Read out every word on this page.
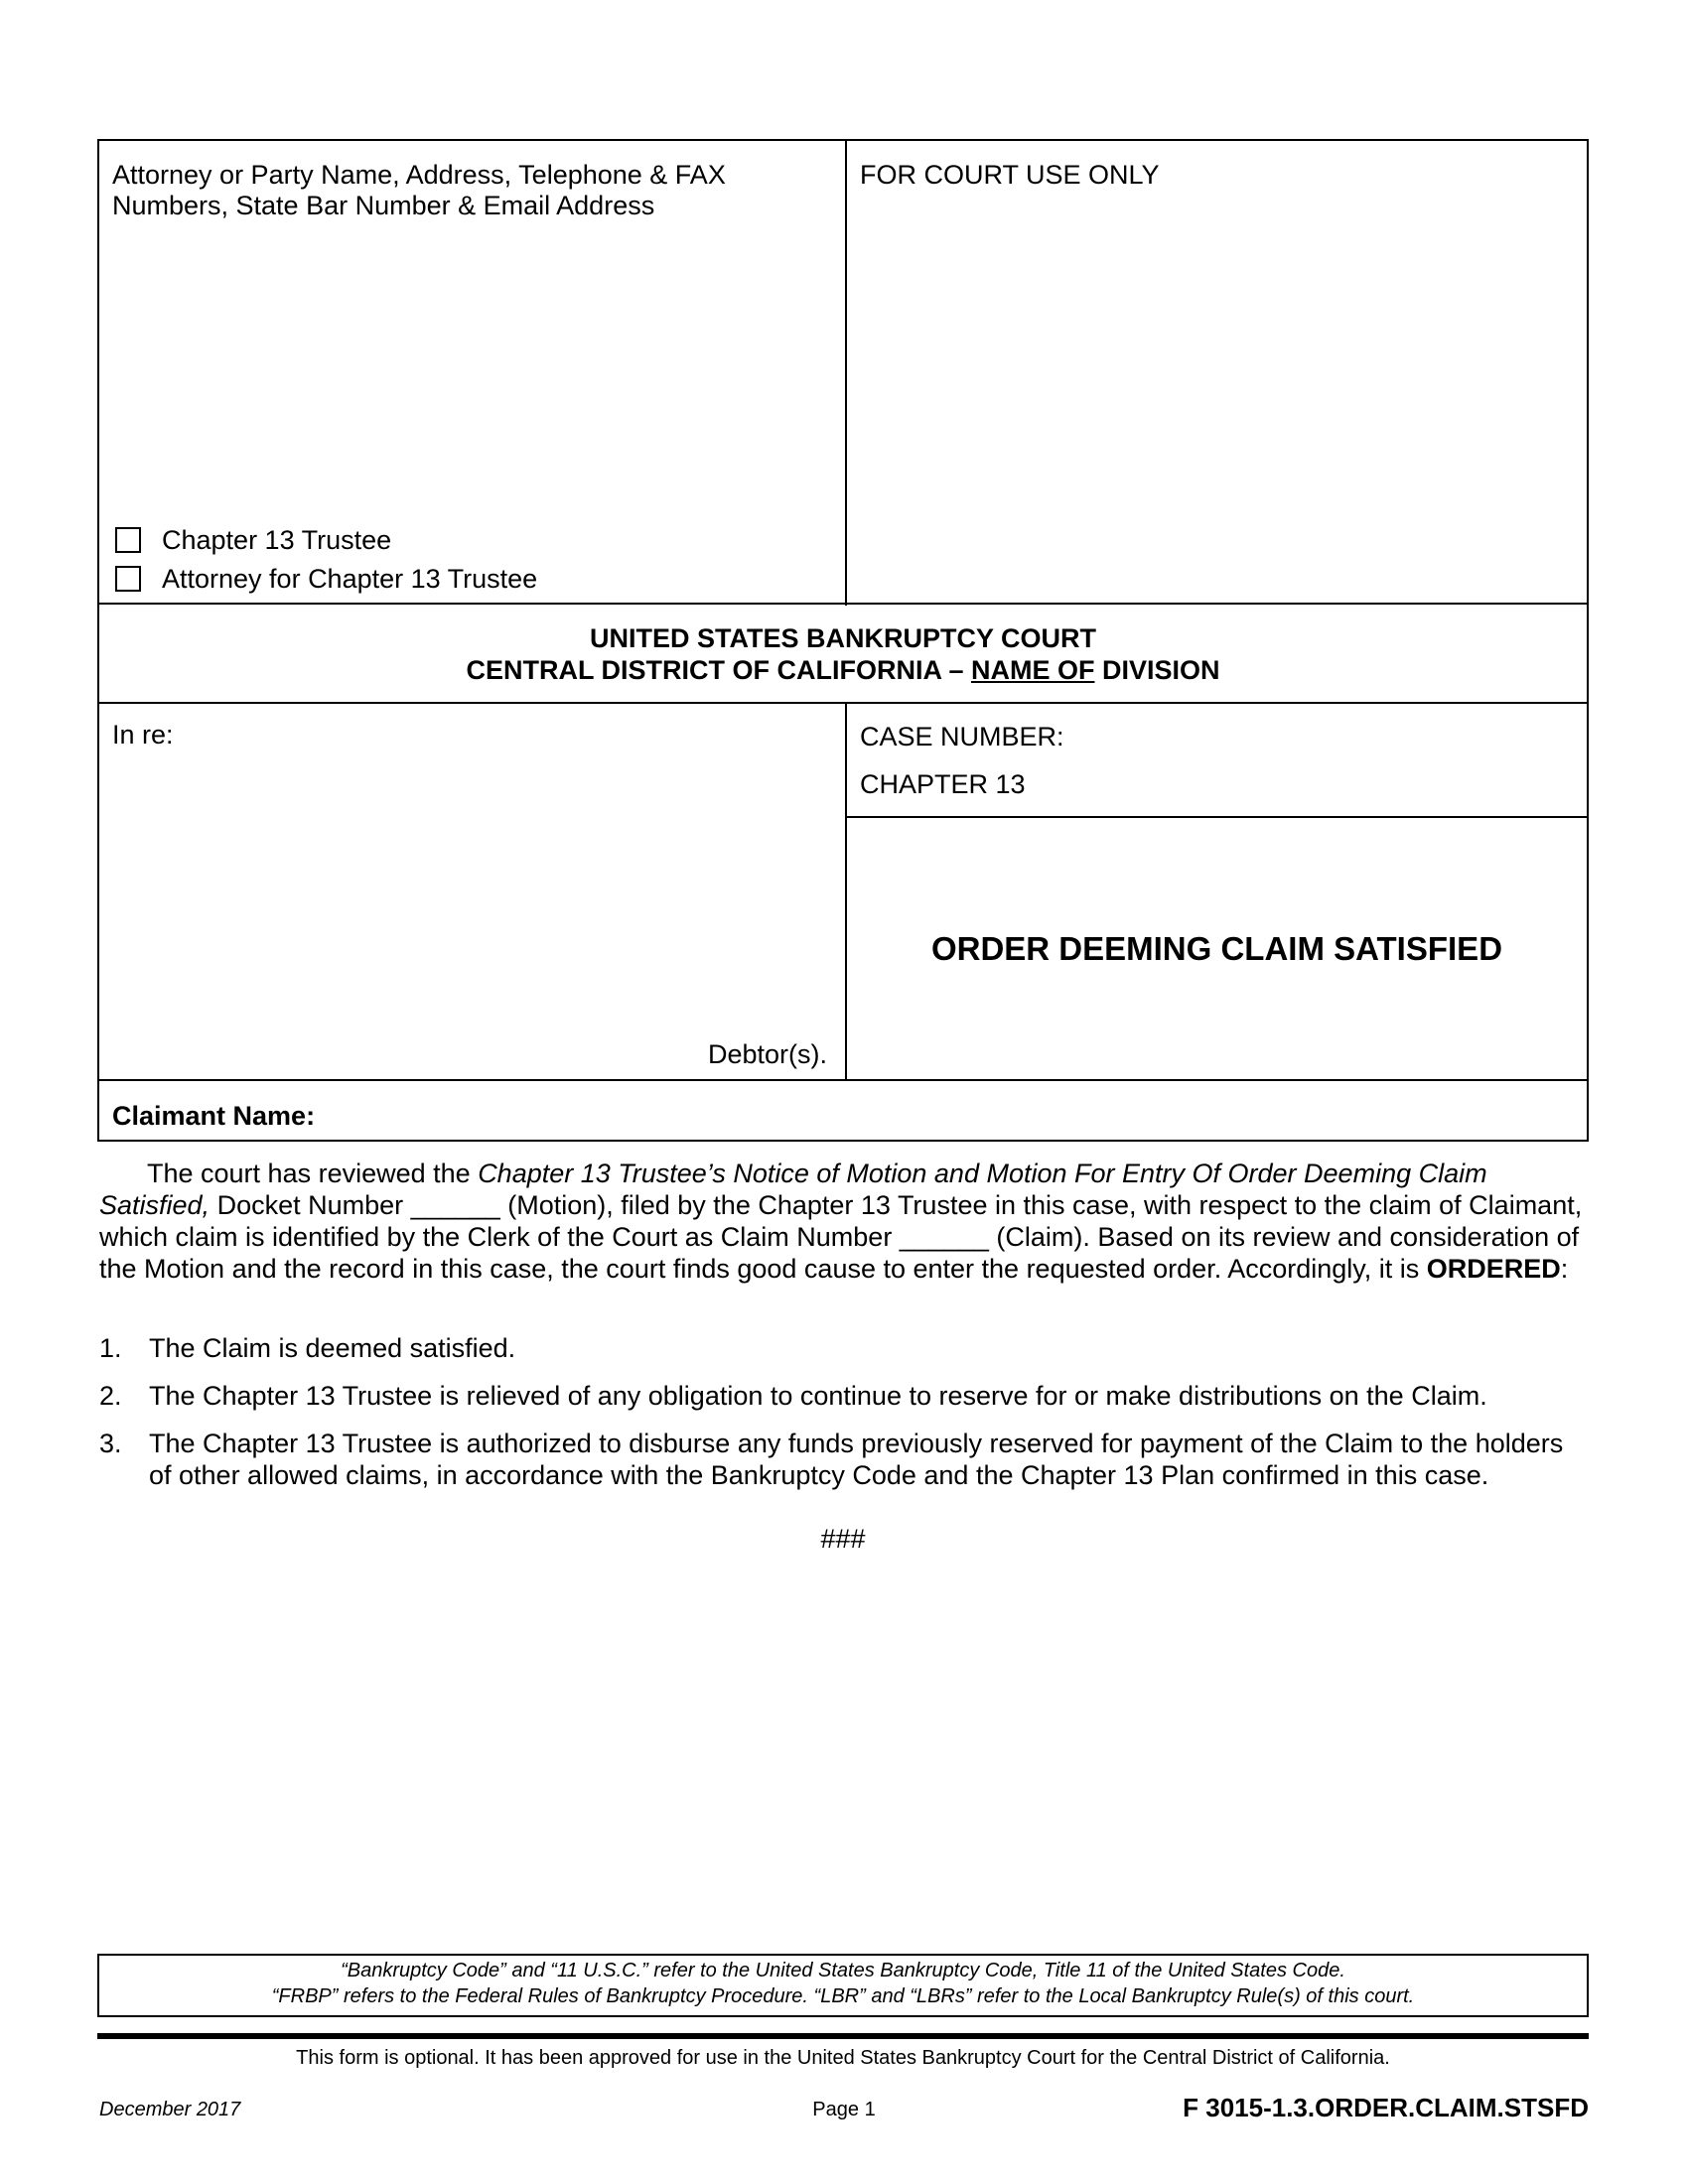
Attorney or Party Name, Address, Telephone & FAX
Numbers, State Bar Number & Email Address
FOR COURT USE ONLY
Chapter 13 Trustee
Attorney for Chapter 13 Trustee
UNITED STATES BANKRUPTCY COURT
CENTRAL DISTRICT OF CALIFORNIA – NAME OF DIVISION
In re:
Debtor(s).
CASE NUMBER:
CHAPTER 13
ORDER DEEMING CLAIM SATISFIED
Claimant Name:
The court has reviewed the Chapter 13 Trustee’s Notice of Motion and Motion For Entry Of Order Deeming Claim Satisfied, Docket Number ______ (Motion), filed by the Chapter 13 Trustee in this case, with respect to the claim of Claimant, which claim is identified by the Clerk of the Court as Claim Number ______ (Claim). Based on its review and consideration of the Motion and the record in this case, the court finds good cause to enter the requested order. Accordingly, it is ORDERED:
1. The Claim is deemed satisfied.
2. The Chapter 13 Trustee is relieved of any obligation to continue to reserve for or make distributions on the Claim.
3. The Chapter 13 Trustee is authorized to disburse any funds previously reserved for payment of the Claim to the holders of other allowed claims, in accordance with the Bankruptcy Code and the Chapter 13 Plan confirmed in this case.
###
“Bankruptcy Code” and “11 U.S.C.” refer to the United States Bankruptcy Code, Title 11 of the United States Code.
“FRBP” refers to the Federal Rules of Bankruptcy Procedure. “LBR” and “LBRs” refer to the Local Bankruptcy Rule(s) of this court.
This form is optional. It has been approved for use in the United States Bankruptcy Court for the Central District of California.
December 2017	Page 1	F 3015-1.3.ORDER.CLAIM.STSFD
